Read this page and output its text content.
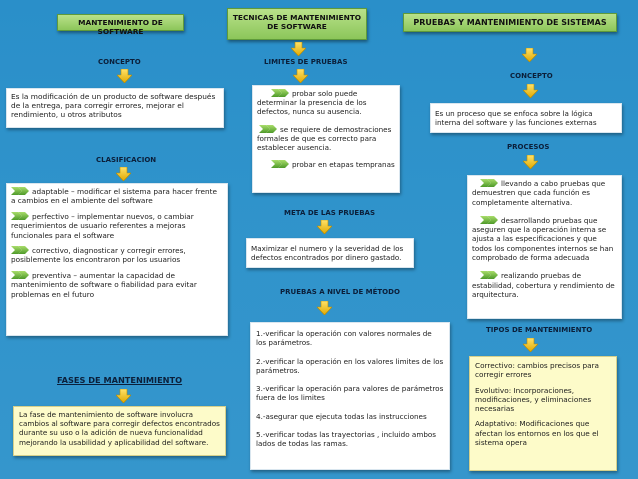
MANTENIMIENTO DE SOFTWARE
TECNICAS DE MANTENIMIENTO DE SOFTWARE	PRUEBAS Y MANTENIMIENTO DE SISTEMAS
CONCEPTO
Es la modificación de un producto de software después de la entrega, para corregir errores, mejorar el rendimiento, u otros atributos
CLASIFICACION
adaptable – modificar el sistema para hacer frente a cambios en el ambiente del software
perfectivo – implementar nuevos, o cambiar requerimientos de usuario referentes a mejoras funcionales para el software
correctivo, diagnosticar y corregir errores, posiblemente los encontraron por los usuarios
preventiva – aumentar la capacidad de mantenimiento de software o fiabilidad para evitar problemas en el futuro
FASES DE MANTENIMIENTO
La fase de mantenimiento de software involucra cambios al software para corregir defectos encontrados durante su uso o la adición de nueva funcionalidad mejorando la usabilidad y aplicabilidad del software.
LIMITES DE PRUEBAS
probar solo puede determinar la presencia de los defectos, nunca su ausencia.
se requiere de demostraciones formales de que es correcto para establecer ausencia.
probar en etapas tempranas
META DE LAS PRUEBAS
Maximizar el numero y la severidad de los defectos encontrados por dinero gastado.
PRUEBAS A NIVEL DE MÉTODO
1.-verificar la operación con valores normales de los parámetros.
2.-verificar la operación en los valores limites de los parámetros.
3.-verificar la operación para valores de parámetros fuera de los limites
4.-asegurar que ejecuta todas las instrucciones
5.-verificar todas las trayectorias , incluido ambos lados de todas las ramas.
CONCEPTO
Es un proceso que se enfoca sobre la lógica interna del software y las funciones externas
PROCESOS
llevando a cabo pruebas que demuestren que cada función es completamente alternativa.
desarrollando pruebas que aseguren que la operación interna se ajusta a las especificaciones y que todos los componentes internos se han comprobado de forma adecuada
realizando pruebas de estabilidad, cobertura y rendimiento de arquitectura.
TIPOS DE MANTENIMIENTO
Correctivo: cambios precisos para corregir errores
Evolutivo: Incorporaciones, modificaciones, y eliminaciones necesarias
Adaptativo: Modificaciones que afectan los entornos en los que el sistema opera
